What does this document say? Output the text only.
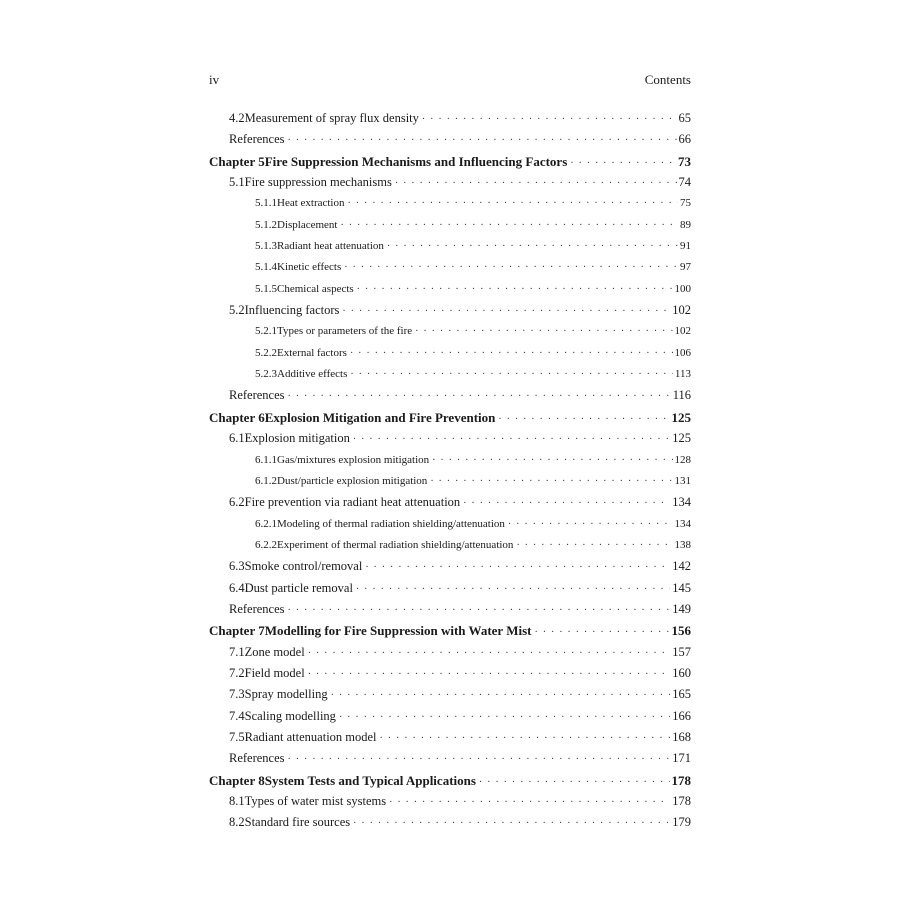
iv	Contents
4.2 Measurement of spray flux density · · ·	65
References · · ·	66
Chapter 5 Fire Suppression Mechanisms and Influencing Factors · · ·	73
5.1 Fire suppression mechanisms · · ·	74
5.1.1 Heat extraction · · ·	75
5.1.2 Displacement · · ·	89
5.1.3 Radiant heat attenuation · · ·	91
5.1.4 Kinetic effects · · ·	97
5.1.5 Chemical aspects · · ·	100
5.2 Influencing factors · · ·	102
5.2.1 Types or parameters of the fire · · ·	102
5.2.2 External factors · · ·	106
5.2.3 Additive effects · · ·	113
References · · ·	116
Chapter 6 Explosion Mitigation and Fire Prevention · · ·	125
6.1 Explosion mitigation · · ·	125
6.1.1 Gas/mixtures explosion mitigation · · ·	128
6.1.2 Dust/particle explosion mitigation · · ·	131
6.2 Fire prevention via radiant heat attenuation · · ·	134
6.2.1 Modeling of thermal radiation shielding/attenuation · · ·	134
6.2.2 Experiment of thermal radiation shielding/attenuation · · ·	138
6.3 Smoke control/removal · · ·	142
6.4 Dust particle removal · · ·	145
References · · ·	149
Chapter 7 Modelling for Fire Suppression with Water Mist · · ·	156
7.1 Zone model · · ·	157
7.2 Field model · · ·	160
7.3 Spray modelling · · ·	165
7.4 Scaling modelling · · ·	166
7.5 Radiant attenuation model · · ·	168
References · · ·	171
Chapter 8 System Tests and Typical Applications · · ·	178
8.1 Types of water mist systems · · ·	178
8.2 Standard fire sources · · ·	179
